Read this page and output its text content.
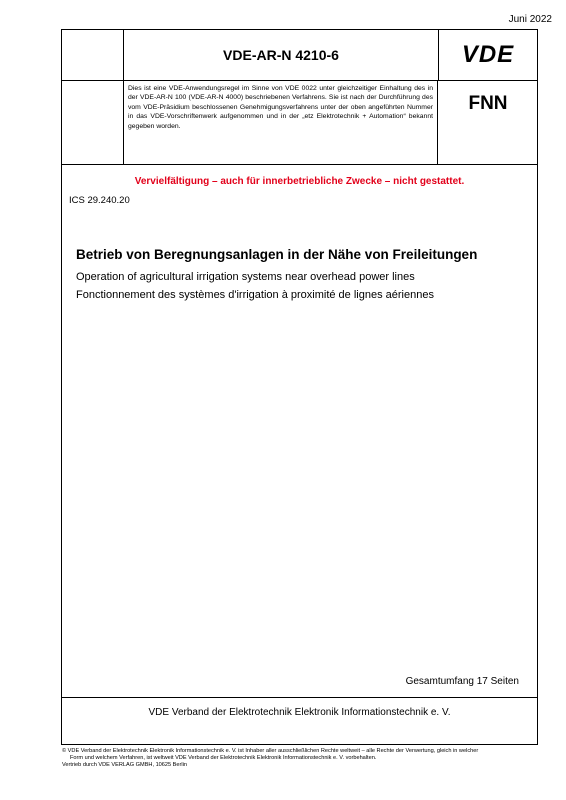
Juni 2022
VDE-AR-N 4210-6	VDE
Dies ist eine VDE-Anwendungsregel im Sinne von VDE 0022 unter gleichzeitiger Einhaltung des in der VDE-AR-N 100 (VDE-AR-N 4000) beschriebenen Verfahrens. Sie ist nach der Durchführung des vom VDE-Präsidium beschlossenen Genehmigungsverfahrens unter der oben angeführten Nummer in das VDE-Vorschriftenwerk aufgenommen und in der „etz Elektrotechnik + Automation“ bekannt gegeben worden.
FNN
Vervielfältigung – auch für innerbetriebliche Zwecke – nicht gestattet.
ICS 29.240.20
Betrieb von Beregnungsanlagen in der Nähe von Freileitungen
Operation of agricultural irrigation systems near overhead power lines
Fonctionnement des systèmes d'irrigation à proximité de lignes aériennes
Gesamtumfang 17 Seiten
VDE Verband der Elektrotechnik Elektronik Informationstechnik e. V.
© VDE Verband der Elektrotechnik Elektronik Informationstechnik e. V. ist Inhaber aller ausschließlichen Rechte weltweit – alle Rechte der Verwertung, gleich in welcher
Form und welchem Verfahren, ist weltweit VDE Verband der Elektrotechnik Elektronik Informationstechnik e. V. vorbehalten.
Vertrieb durch VDE VERLAG GMBH, 10625 Berlin
